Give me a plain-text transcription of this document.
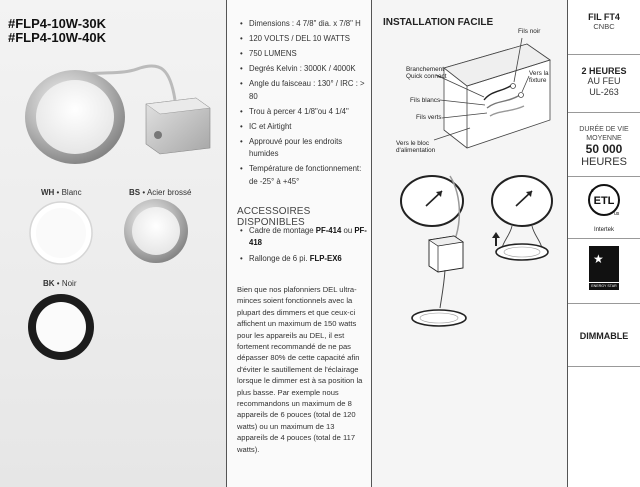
#FLP4-10W-30K
#FLP4-10W-40K
WH • Blanc	BS • Acier brossé
BK • Noir
• Dimensions : 4 7/8" dia. x 7/8" H
• 120 VOLTS / DEL 10 WATTS
• 750 LUMENS
• Degrés Kelvin : 3000K / 4000K
• Angle du faisceau : 130° / IRC : > 80
• Trou à percer 4 1/8"ou 4 1/4"
• IC et Airtight
• Approuvé pour les endroits humides
• Température de fonctionnement: de -25° à +45°
ACCESSOIRES DISPONIBLES
• Cadre de montage PF-414 ou PF-418
• Rallonge de 6 pi. FLP-EX6
Bien que nos plafonniers DEL ultra-minces soient fonctionnels avec la plupart des dimmers et que ceux-ci affichent un maximum de 150 watts pour les appareils au DEL, il est fortement recommandé de ne pas dépasser 80% de cette capacité afin d'éviter le sautillement de l'éclairage lorsque le dimmer est à sa position la plus basse. Par exemple nous recommandons un maximum de 8 appareils de 6 pouces (total de 120 watts) ou un maximum de 13 appareils de 4 pouces (total de 117 watts).
INSTALLATION FACILE
Branchement Quick connect
Fils blancs
Fils verts
Vers le bloc d'alimentation
Fils noir
Vers la fixture
FIL FT4
CNBC
2 HEURES
AU FEU
UL-263
DURÉE DE VIE MOYENNE
50 000
HEURES
ETL
c
us
Intertek
★
ENERGY STAR
DIMMABLE
